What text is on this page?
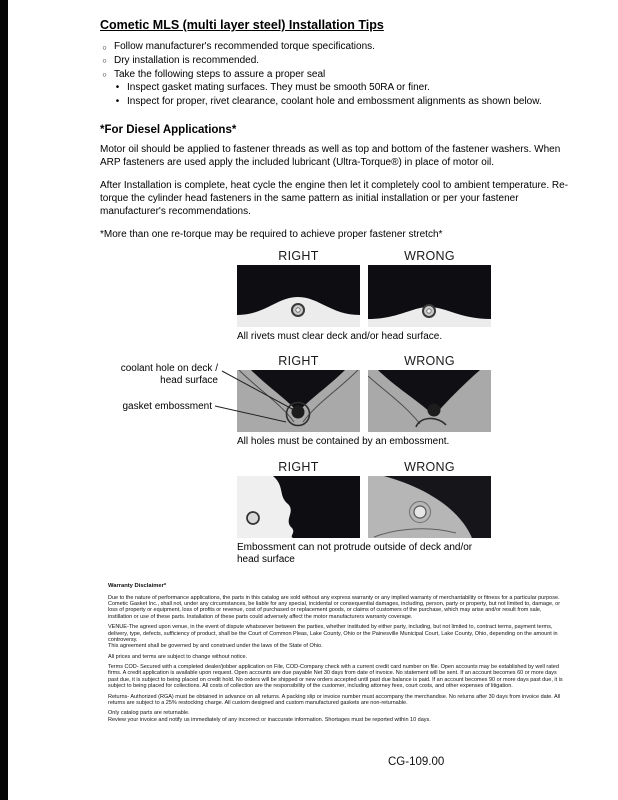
Cometic MLS (multi layer steel) Installation Tips
○ Follow manufacturer's recommended torque specifications.
○ Dry installation is recommended.
○ Take the following steps to assure a proper seal
• Inspect gasket mating surfaces. They must be smooth 50RA or finer.
• Inspect for proper, rivet clearance, coolant hole and embossment alignments as shown below.
*For Diesel Applications*

Motor oil should be applied to fastener threads as well as top and bottom of the fastener washers. When ARP fasteners are used apply the included lubricant (Ultra-Torque®) in place of motor oil.

After Installation is complete, heat cycle the engine then let it completely cool to ambient temperature. Re-torque the cylinder head fasteners in the same pattern as initial installation or per your fastener manufacturer's recommendations.

*More than one re-torque may be required to achieve proper fastener stretch*

RIGHT	WRONG
All rivets must clear deck and/or head surface.
coolant hole on deck / head surface
gasket embossment
RIGHT	WRONG
All holes must be contained by an embossment.
RIGHT	WRONG
Embossment can not protrude outside of deck and/or head surface

Warranty Disclaimer*

Due to the nature of performance applications, the parts in this catalog are sold without any express warranty or any implied warranty of merchantability or fitness for a particular purpose. Cometic Gasket Inc., shall not, under any circumstances, be liable for any special, incidental or consequential damages, including, person, party or property, but not limited to, damage, or loss of property or equipment, loss of profits or revenue, cost of purchased or replacement goods, or claims of customers of the purchase, which may arise and/or result from sale, instillation or use of these parts. Installation of these parts could adversely affect the motor manufacturers warranty coverage.

VENUE-The agreed upon venue, in the event of dispute whatsoever between the parties, whether instituted by either party, including, but not limited to, contract terms, payment terms, delivery, type, defects, sufficiency of product, shall be the Court of Common Pleas, Lake County, Ohio or the Painesville Municipal Court, Lake County, Ohio, depending on the amount in controversy.

This agreement shall be governed by and construed under the laws of the State of Ohio.

All prices and terms are subject to change without notice.

Terms COD- Secured with a completed dealer/jobber application on File, COD-Company check with a current credit card number on file. Open accounts may be established by well rated firms. A credit application is available upon request. Open accounts are due payable Net 30 days from date of invoice. No statement will be sent. If an account becomes 60 or more days past due, it is subject to being placed on credit hold. No orders will be shipped or new orders accepted until past due balance is paid. If an account becomes 90 or more days past due, it is subject to being placed for collections. All costs of collection are the responsibility of the customer, including attorney fees, court costs, and other expenses of litigation.

Returns- Authorized (RGA) must be obtained in advance on all returns. A packing slip or invoice number must accompany the merchandise. No returns after 30 days from invoice date. All returns are subject to a 25% restocking charge. All custom designed and custom manufactured gaskets are non-returnable.

Only catalog parts are returnable.

Review your invoice and notify us immediately of any incorrect or inaccurate information. Shortages must be reported within 10 days.

CG-109.00
